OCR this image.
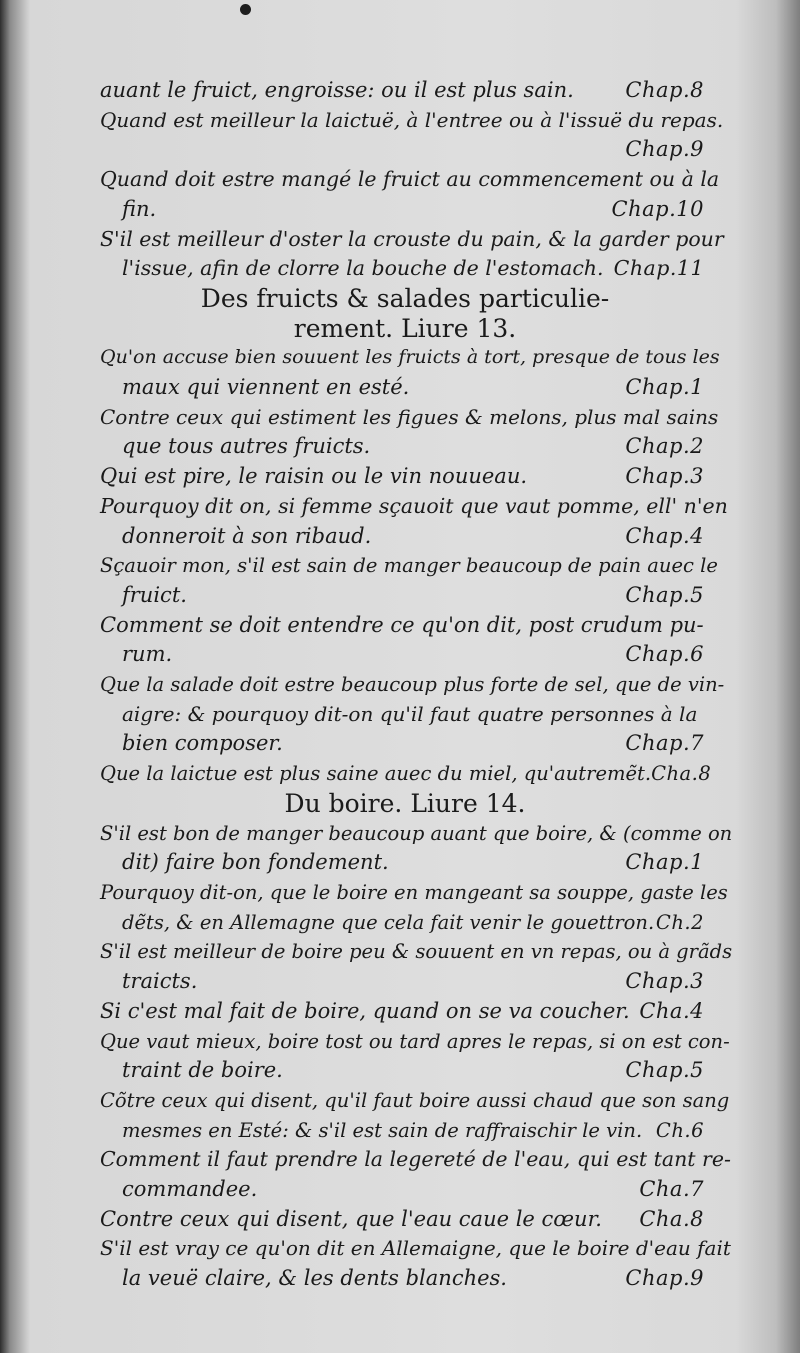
auant le fruict, engroisse: ou il est plus sain. Chap.8
Quand est meilleur la laictuë, à l'entree ou à l'issuë du repas.
Chap.9
Quand doit estre mangé le fruict au commencement ou à la
fin.	Chap.10
S'il est meilleur d'oster la crouste du pain, & la garder pour
l'issue, afin de clorre la bouche de l'estomach. Chap.11
Des fruicts & salades particulie-
rement. Liure 13.
Qu'on accuse bien souuent les fruicts à tort, presque de tous les
maux qui viennent en esté.	Chap.1
Contre ceux qui estiment les figues & melons, plus mal sains
que tous autres fruicts.	Chap.2
Qui est pire, le raisin ou le vin nouueau.	Chap.3
Pourquoy dit on, si femme sçauoit que vaut pomme, ell' n'en
donneroit à son ribaud.	Chap.4
Sçauoir mon, s'il est sain de manger beaucoup de pain auec le
fruict.	Chap.5
Comment se doit entendre ce qu'on dit, post crudum pu-
rum.	Chap.6
Que la salade doit estre beaucoup plus forte de sel, que de vin-
aigre: & pourquoy dit-on qu'il faut quatre personnes à la
bien composer.	Chap.7
Que la laictue est plus saine auec du miel, qu'autremẽt. Cha.8
Du boire. Liure 14.
S'il est bon de manger beaucoup auant que boire, & (comme on
dit) faire bon fondement.	Chap.1
Pourquoy dit-on, que le boire en mangeant sa souppe, gaste les
dẽts, & en Allemagne que cela fait venir le gouettron. Ch.2
S'il est meilleur de boire peu & souuent en vn repas, ou à grãds
traicts.	Chap.3
Si c'est mal fait de boire, quand on se va coucher. Cha.4
Que vaut mieux, boire tost ou tard apres le repas, si on est con-
traint de boire.	Chap.5
Cõtre ceux qui disent, qu'il faut boire aussi chaud que son sang
mesmes en Esté: & s'il est sain de raffraischir le vin. Ch.6
Comment il faut prendre la legereté de l'eau, qui est tant re-
commandee.	Cha.7
Contre ceux qui disent, que l'eau caue le cœur. Cha.8
S'il est vray ce qu'on dit en Allemaigne, que le boire d'eau fait
la veuë claire, & les dents blanches.	Chap.9
